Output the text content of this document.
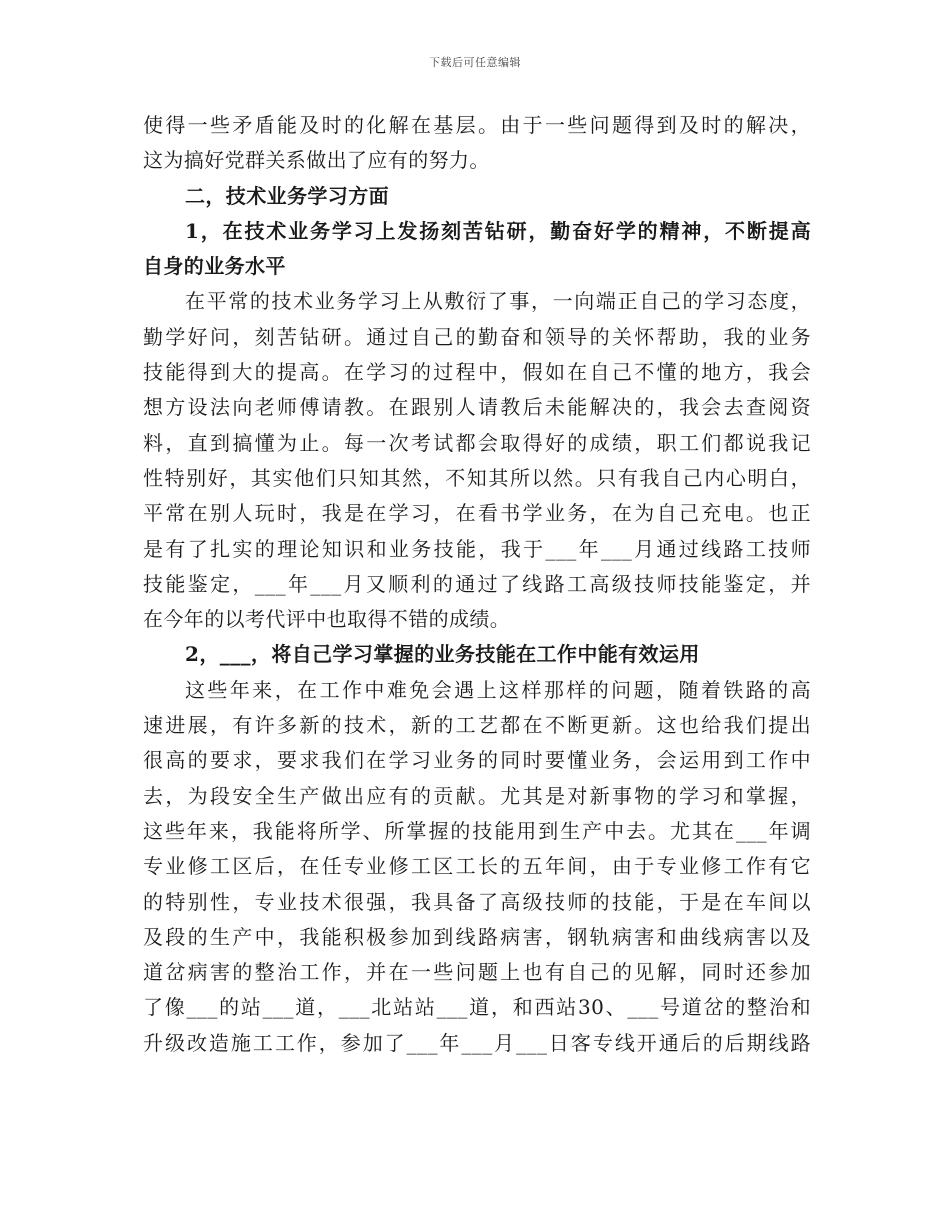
下载后可任意编辑
使得一些矛盾能及时的化解在基层。由于一些问题得到及时的解决，
这为搞好党群关系做出了应有的努力。
二，技术业务学习方面
1，在技术业务学习上发扬刻苦钻研，勤奋好学的精神，不断提高
自身的业务水平
在平常的技术业务学习上从敷衍了事，一向端正自己的学习态度，
勤学好问，刻苦钻研。通过自己的勤奋和领导的关怀帮助，我的业务
技能得到大的提高。在学习的过程中，假如在自己不懂的地方，我会
想方设法向老师傅请教。在跟别人请教后未能解决的，我会去查阅资
料，直到搞懂为止。每一次考试都会取得好的成绩，职工们都说我记
性特别好，其实他们只知其然，不知其所以然。只有我自己内心明白，
平常在别人玩时，我是在学习，在看书学业务，在为自己充电。也正
是有了扎实的理论知识和业务技能，我于___年___月通过线路工技师
技能鉴定，___年___月又顺利的通过了线路工高级技师技能鉴定，并
在今年的以考代评中也取得不错的成绩。
2，___，将自己学习掌握的业务技能在工作中能有效运用
这些年来，在工作中难免会遇上这样那样的问题，随着铁路的高
速进展，有许多新的技术，新的工艺都在不断更新。这也给我们提出
很高的要求，要求我们在学习业务的同时要懂业务，会运用到工作中
去，为段安全生产做出应有的贡献。尤其是对新事物的学习和掌握，
这些年来，我能将所学、所掌握的技能用到生产中去。尤其在___年调
专业修工区后，在任专业修工区工长的五年间，由于专业修工作有它
的特别性，专业技术很强，我具备了高级技师的技能，于是在车间以
及段的生产中，我能积极参加到线路病害，钢轨病害和曲线病害以及
道岔病害的整治工作，并在一些问题上也有自己的见解，同时还参加
了像___的站___道，___北站站___道，和西站30、___号道岔的整治和
升级改造施工工作，参加了___年___月___日客专线开通后的后期线路
